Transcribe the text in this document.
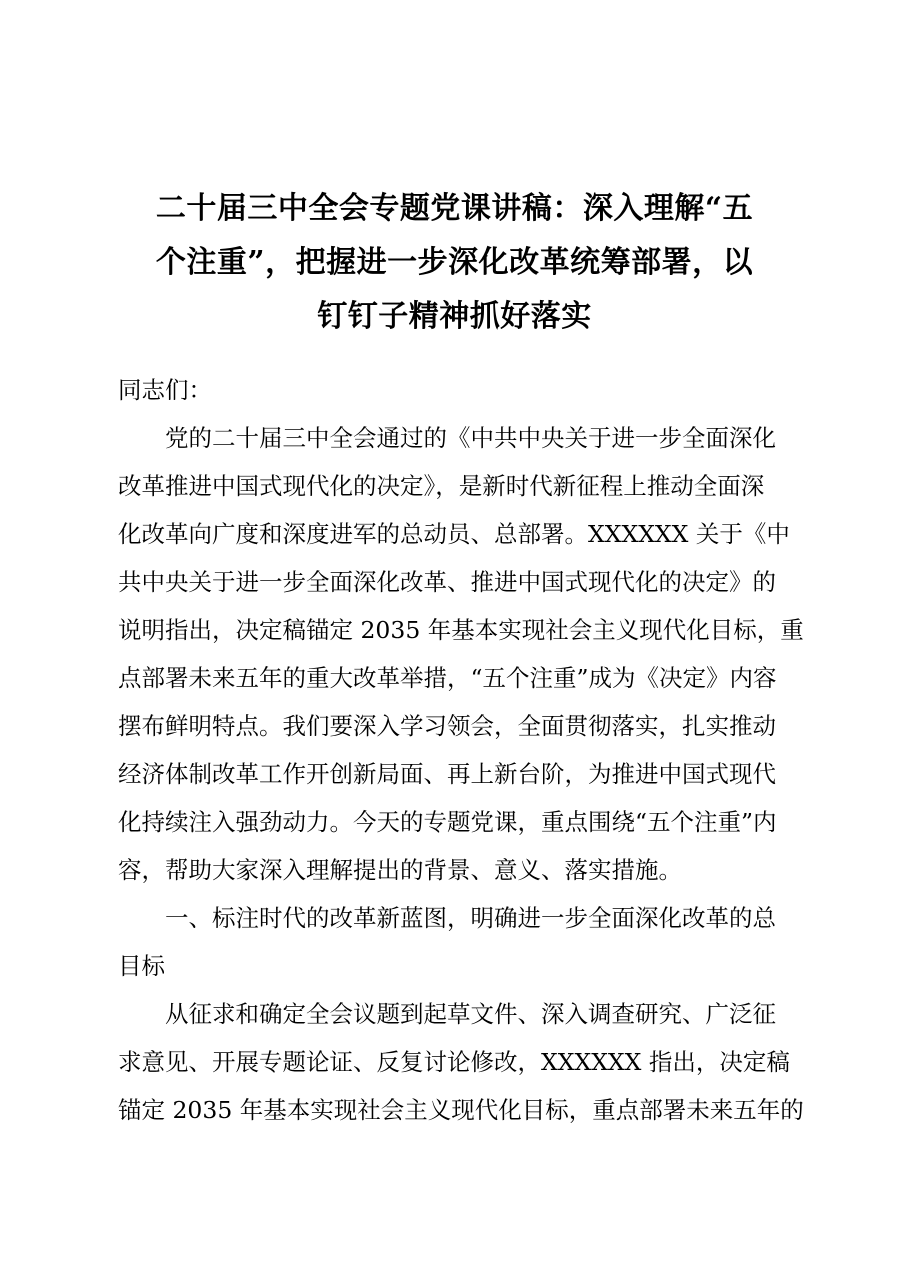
二十届三中全会专题党课讲稿：深入理解“五
个注重”，把握进一步深化改革统筹部署，以
钉钉子精神抓好落实

同志们：

党的二十届三中全会通过的《中共中央关于进一步全面深化
改革推进中国式现代化的决定》，是新时代新征程上推动全面深
化改革向广度和深度进军的总动员、总部署。XXXXXX 关于《中
共中央关于进一步全面深化改革、推进中国式现代化的决定》的
说明指出，决定稿锚定 2035 年基本实现社会主义现代化目标，重
点部署未来五年的重大改革举措，“五个注重”成为《决定》内容
摆布鲜明特点。我们要深入学习领会，全面贯彻落实，扎实推动
经济体制改革工作开创新局面、再上新台阶，为推进中国式现代
化持续注入强劲动力。今天的专题党课，重点围绕“五个注重”内
容，帮助大家深入理解提出的背景、意义、落实措施。

一、标注时代的改革新蓝图，明确进一步全面深化改革的总
目标

从征求和确定全会议题到起草文件、深入调查研究、广泛征
求意见、开展专题论证、反复讨论修改，XXXXXX 指出，决定稿
锚定 2035 年基本实现社会主义现代化目标，重点部署未来五年的
